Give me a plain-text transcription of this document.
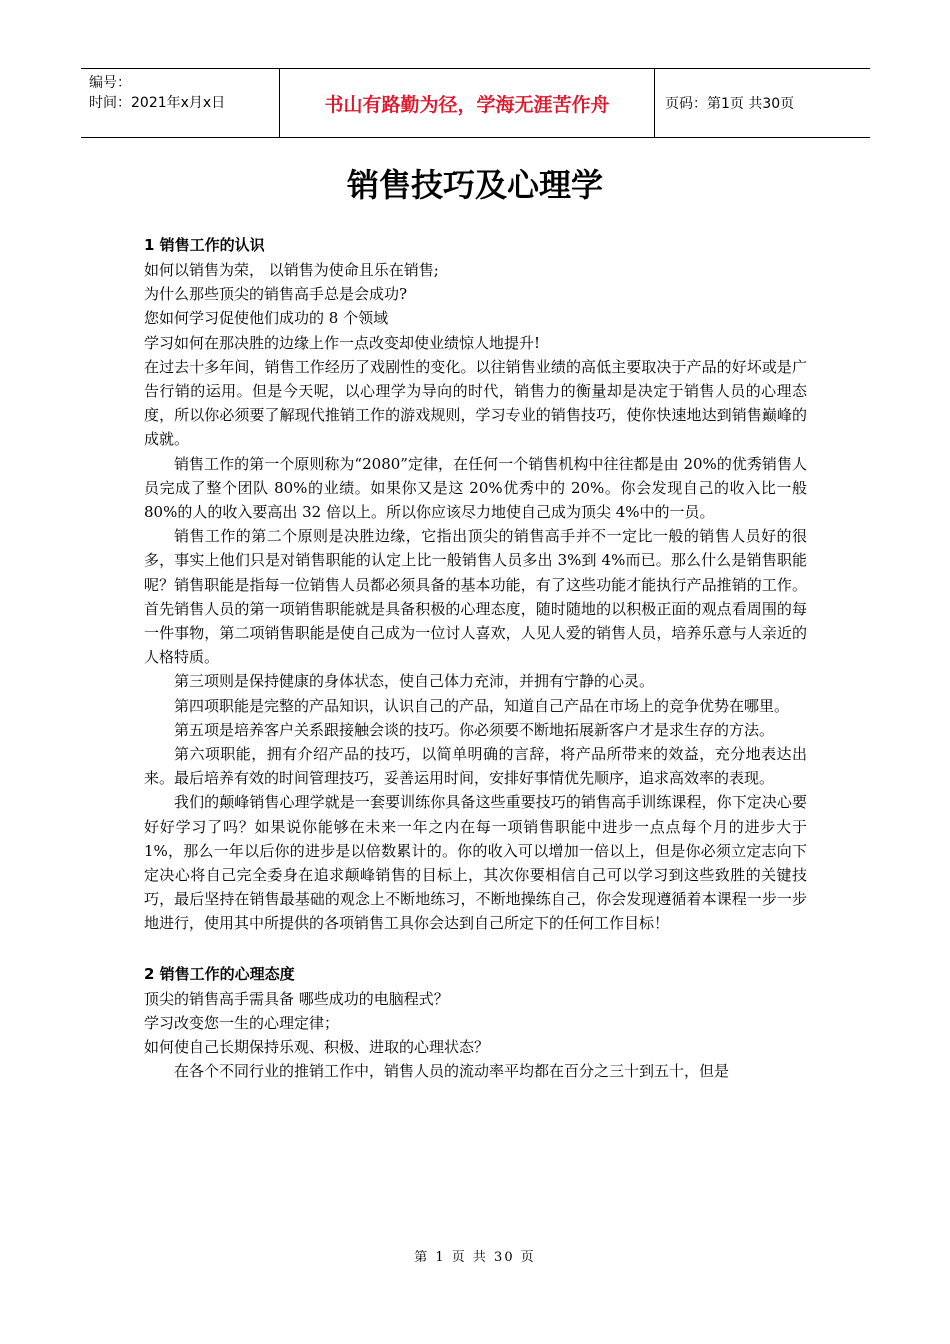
编号：
时间：2021年x月x日	书山有路勤为径，学海无涯苦作舟	页码：第1页 共30页
销售技巧及心理学
1 销售工作的认识

如何以销售为荣， 以销售为使命且乐在销售;

为什么那些顶尖的销售高手总是会成功?

您如何学习促使他们成功的 8 个领域

学习如何在那决胜的边缘上作一点改变却使业绩惊人地提升!

在过去十多年间，销售工作经历了戏剧性的变化。以往销售业绩的高低主要取决于产品的好坏或是广告行销的运用。但是今天呢，以心理学为导向的时代，销售力的衡量却是决定于销售人员的心理态度，所以你必须要了解现代推销工作的游戏规则，学习专业的销售技巧，使你快速地达到销售巅峰的成就。

销售工作的第一个原则称为“2080”定律，在任何一个销售机构中往往都是由 20%的优秀销售人员完成了整个团队 80%的业绩。如果你又是这 20%优秀中的 20%。你会发现自己的收入比一般 80%的人的收入要高出 32 倍以上。所以你应该尽力地使自己成为顶尖 4%中的一员。

销售工作的第二个原则是决胜边缘，它指出顶尖的销售高手并不一定比一般的销售人员好的很多，事实上他们只是对销售职能的认定上比一般销售人员多出 3%到 4%而已。那么什么是销售职能呢？销售职能是指每一位销售人员都必须具备的基本功能，有了这些功能才能执行产品推销的工作。首先销售人员的第一项销售职能就是具备积极的心理态度，随时随地的以积极正面的观点看周围的每一件事物，第二项销售职能是使自己成为一位讨人喜欢，人见人爱的销售人员，培养乐意与人亲近的人格特质。

第三项则是保持健康的身体状态，使自己体力充沛，并拥有宁静的心灵。

第四项职能是完整的产品知识，认识自己的产品，知道自己产品在市场上的竞争优势在哪里。

第五项是培养客户关系跟接触会谈的技巧。你必须要不断地拓展新客户才是求生存的方法。

第六项职能，拥有介绍产品的技巧，以简单明确的言辞，将产品所带来的效益，充分地表达出来。最后培养有效的时间管理技巧，妥善运用时间，安排好事情优先顺序，追求高效率的表现。

我们的颠峰销售心理学就是一套要训练你具备这些重要技巧的销售高手训练课程，你下定决心要好好学习了吗？如果说你能够在未来一年之内在每一项销售职能中进步一点点每个月的进步大于 1%，那么一年以后你的进步是以倍数累计的。你的收入可以增加一倍以上，但是你必须立定志向下定决心将自己完全委身在追求颠峰销售的目标上，其次你要相信自己可以学习到这些致胜的关键技巧，最后坚持在销售最基础的观念上不断地练习，不断地操练自己，你会发现遵循着本课程一步一步地进行，使用其中所提供的各项销售工具你会达到自己所定下的任何工作目标！

2 销售工作的心理态度

顶尖的销售高手需具备 哪些成功的电脑程式？

学习改变您一生的心理定律；

如何使自己长期保持乐观、积极、进取的心理状态？

在各个不同行业的推销工作中，销售人员的流动率平均都在百分之三十到五十，但是

第 1 页 共 30 页
